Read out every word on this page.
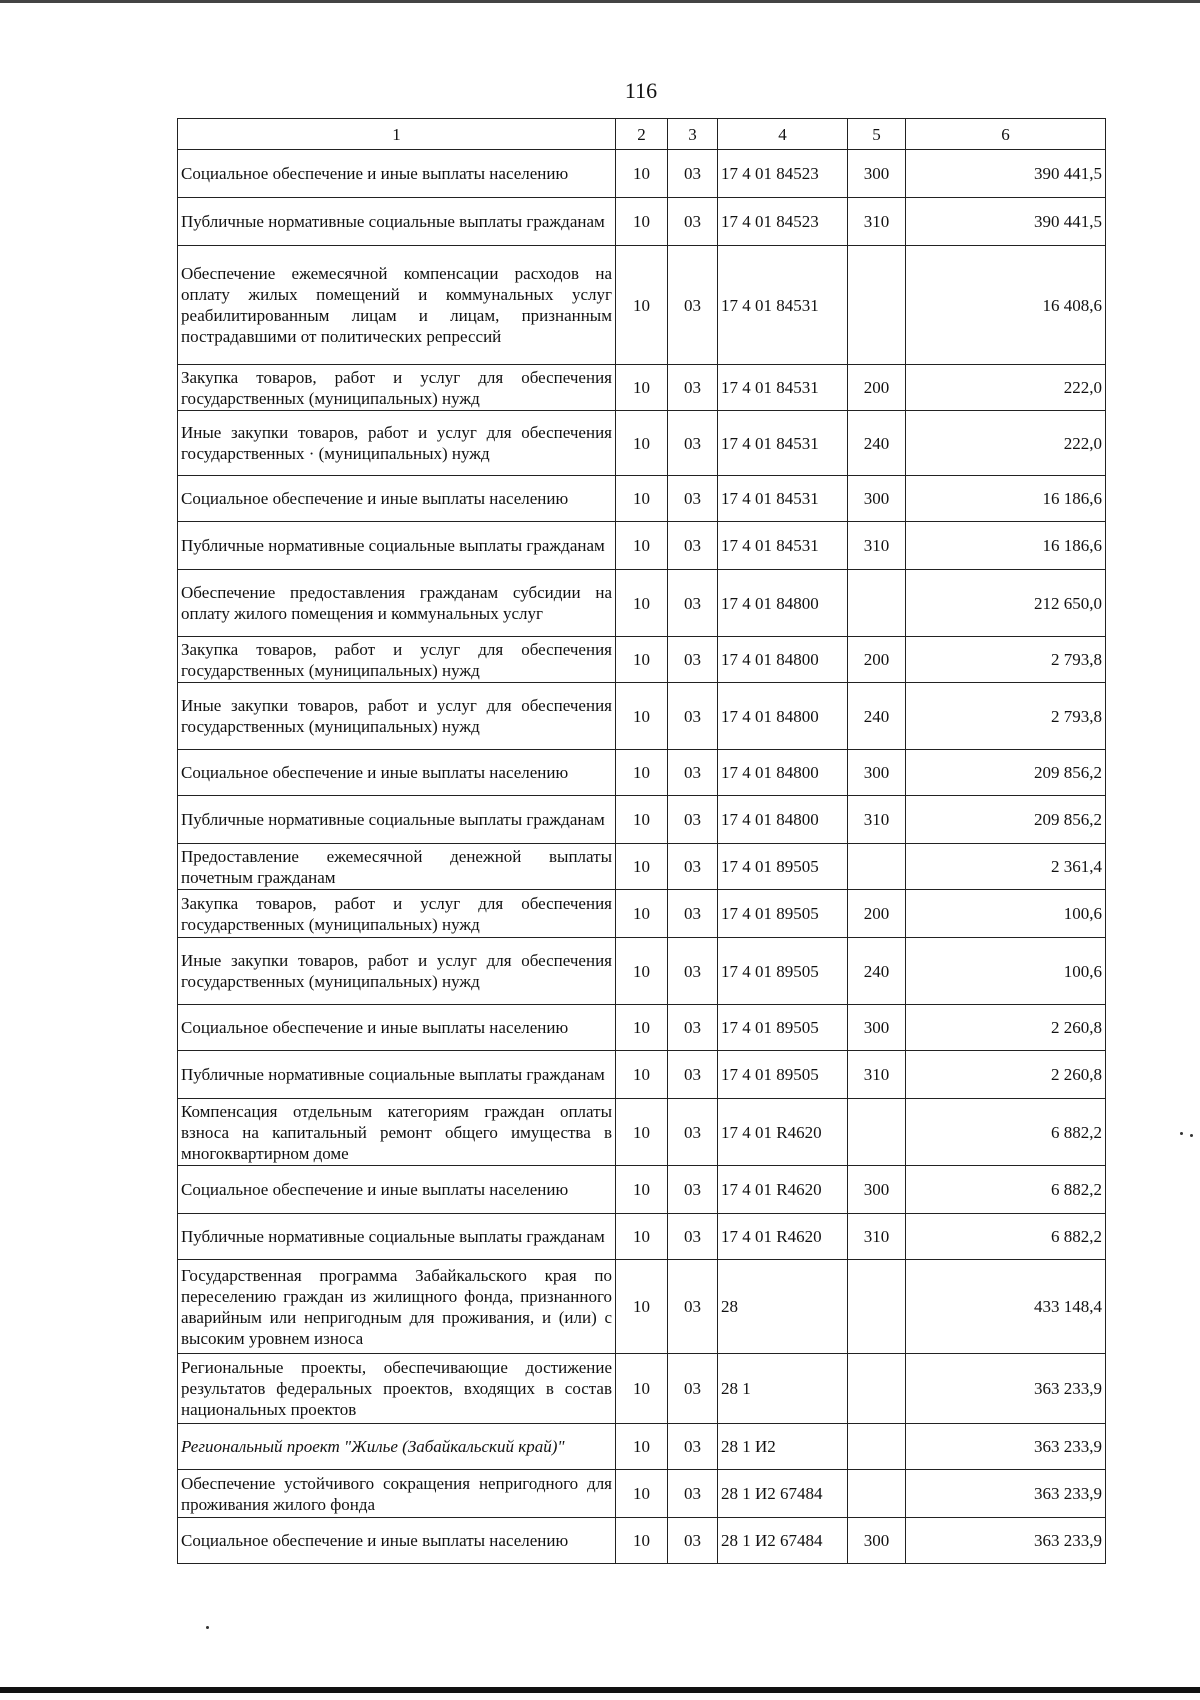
116
1	2	3	4	5	6
Социальное обеспечение и иные выплаты населению	10	03	17 4 01 84523	300	390 441,5
Публичные нормативные социальные выплаты гражданам	10	03	17 4 01 84523	310	390 441,5
Обеспечение ежемесячной компенсации расходов на оплату жилых помещений и коммунальных услуг реабилитированным лицам и лицам, признанным пострадавшими от политических репрессий	10	03	17 4 01 84531		16 408,6
Закупка товаров, работ и услуг для обеспечения государственных (муниципальных) нужд	10	03	17 4 01 84531	200	222,0
Иные закупки товаров, работ и услуг для обеспечения государственных · (муниципальных) нужд	10	03	17 4 01 84531	240	222,0
Социальное обеспечение и иные выплаты населению	10	03	17 4 01 84531	300	16 186,6
Публичные нормативные социальные выплаты гражданам	10	03	17 4 01 84531	310	16 186,6
Обеспечение предоставления гражданам субсидии на оплату жилого помещения и коммунальных услуг	10	03	17 4 01 84800		212 650,0
Закупка товаров, работ и услуг для обеспечения государственных (муниципальных) нужд	10	03	17 4 01 84800	200	2 793,8
Иные закупки товаров, работ и услуг для обеспечения государственных (муниципальных) нужд	10	03	17 4 01 84800	240	2 793,8
Социальное обеспечение и иные выплаты населению	10	03	17 4 01 84800	300	209 856,2
Публичные нормативные социальные выплаты гражданам	10	03	17 4 01 84800	310	209 856,2
Предоставление ежемесячной денежной выплаты почетным гражданам	10	03	17 4 01 89505		2 361,4
Закупка товаров, работ и услуг для обеспечения государственных (муниципальных) нужд	10	03	17 4 01 89505	200	100,6
Иные закупки товаров, работ и услуг для обеспечения государственных (муниципальных) нужд	10	03	17 4 01 89505	240	100,6
Социальное обеспечение и иные выплаты населению	10	03	17 4 01 89505	300	2 260,8
Публичные нормативные социальные выплаты гражданам	10	03	17 4 01 89505	310	2 260,8
Компенсация отдельным категориям граждан оплаты взноса на капитальный ремонт общего имущества в многоквартирном доме	10	03	17 4 01 R4620		6 882,2
Социальное обеспечение и иные выплаты населению	10	03	17 4 01 R4620	300	6 882,2
Публичные нормативные социальные выплаты гражданам	10	03	17 4 01 R4620	310	6 882,2
Государственная программа Забайкальского края по переселению граждан из жилищного фонда, признанного аварийным или непригодным для проживания, и (или) с высоким уровнем износа	10	03	28		433 148,4
Региональные проекты, обеспечивающие достижение результатов федеральных проектов, входящих в состав национальных проектов	10	03	28 1		363 233,9
Региональный проект "Жилье (Забайкальский край)"	10	03	28 1 И2		363 233,9
Обеспечение устойчивого сокращения непригодного для проживания жилого фонда	10	03	28 1 И2 67484		363 233,9
Социальное обеспечение и иные выплаты населению	10	03	28 1 И2 67484	300	363 233,9
